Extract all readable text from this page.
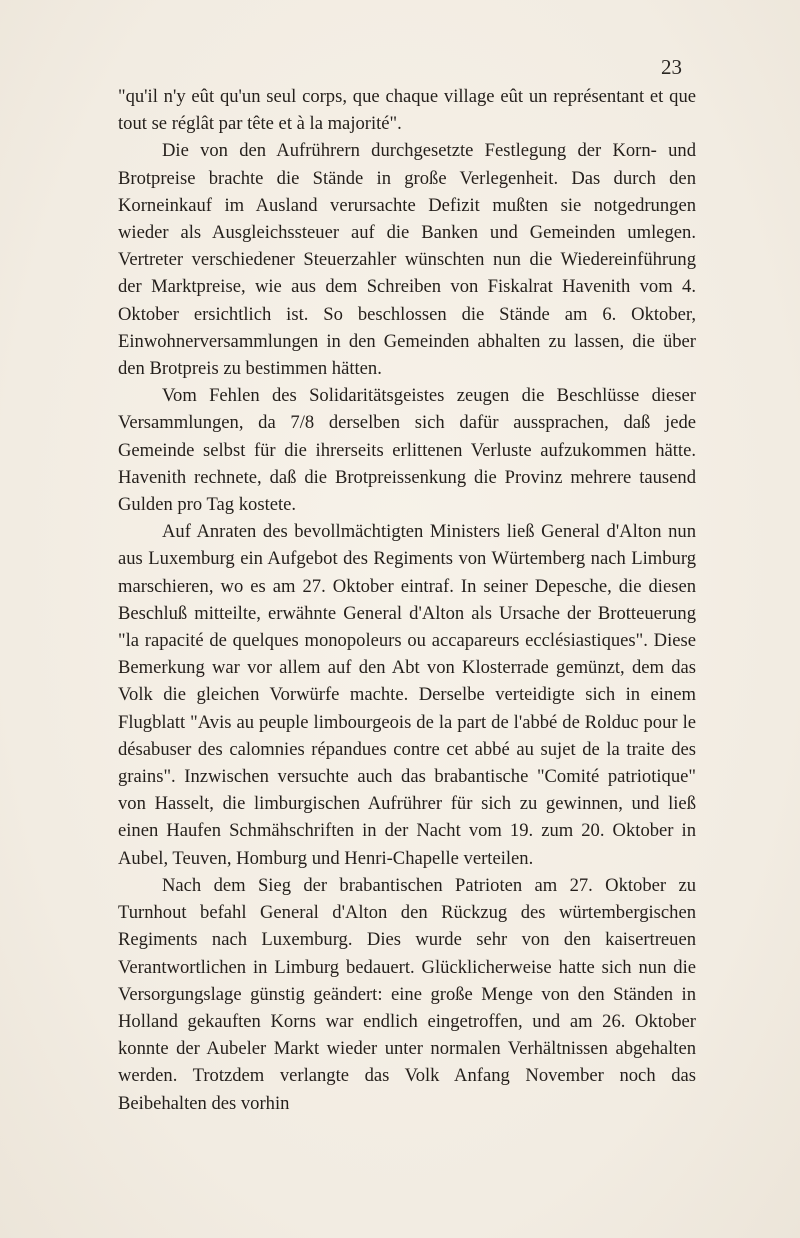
23

"qu'il n'y eût qu'un seul corps, que chaque village eût un représentant et que tout se réglât par tête et à la majorité".

Die von den Aufrührern durchgesetzte Festlegung der Korn- und Brotpreise brachte die Stände in große Verlegenheit. Das durch den Korneinkauf im Ausland verursachte Defizit mußten sie notgedrungen wieder als Ausgleichssteuer auf die Banken und Gemeinden umlegen. Vertreter verschiedener Steuerzahler wünschten nun die Wiedereinführung der Marktpreise, wie aus dem Schreiben von Fiskalrat Havenith vom 4. Oktober ersichtlich ist. So beschlossen die Stände am 6. Oktober, Einwohnerversammlungen in den Gemeinden abhalten zu lassen, die über den Brotpreis zu bestimmen hätten.

Vom Fehlen des Solidaritätsgeistes zeugen die Beschlüsse dieser Versammlungen, da 7/8 derselben sich dafür aussprachen, daß jede Gemeinde selbst für die ihrerseits erlittenen Verluste aufzukommen hätte. Havenith rechnete, daß die Brotpreissenkung die Provinz mehrere tausend Gulden pro Tag kostete.

Auf Anraten des bevollmächtigten Ministers ließ General d'Alton nun aus Luxemburg ein Aufgebot des Regiments von Würtemberg nach Limburg marschieren, wo es am 27. Oktober eintraf. In seiner Depesche, die diesen Beschluß mitteilte, erwähnte General d'Alton als Ursache der Brotteuerung "la rapacité de quelques monopoleurs ou accapareurs ecclésiastiques". Diese Bemerkung war vor allem auf den Abt von Klosterrade gemünzt, dem das Volk die gleichen Vorwürfe machte. Derselbe verteidigte sich in einem Flugblatt "Avis au peuple limbourgeois de la part de l'abbé de Rolduc pour le désabuser des calomnies répandues contre cet abbé au sujet de la traite des grains". Inzwischen versuchte auch das brabantische "Comité patriotique" von Hasselt, die limburgischen Aufrührer für sich zu gewinnen, und ließ einen Haufen Schmähschriften in der Nacht vom 19. zum 20. Oktober in Aubel, Teuven, Homburg und Henri-Chapelle verteilen.

Nach dem Sieg der brabantischen Patrioten am 27. Oktober zu Turnhout befahl General d'Alton den Rückzug des würtembergischen Regiments nach Luxemburg. Dies wurde sehr von den kaisertreuen Verantwortlichen in Limburg bedauert. Glücklicherweise hatte sich nun die Versorgungslage günstig geändert: eine große Menge von den Ständen in Holland gekauften Korns war endlich eingetroffen, und am 26. Oktober konnte der Aubeler Markt wieder unter normalen Verhältnissen abgehalten werden. Trotzdem verlangte das Volk Anfang November noch das Beibehalten des vorhin
